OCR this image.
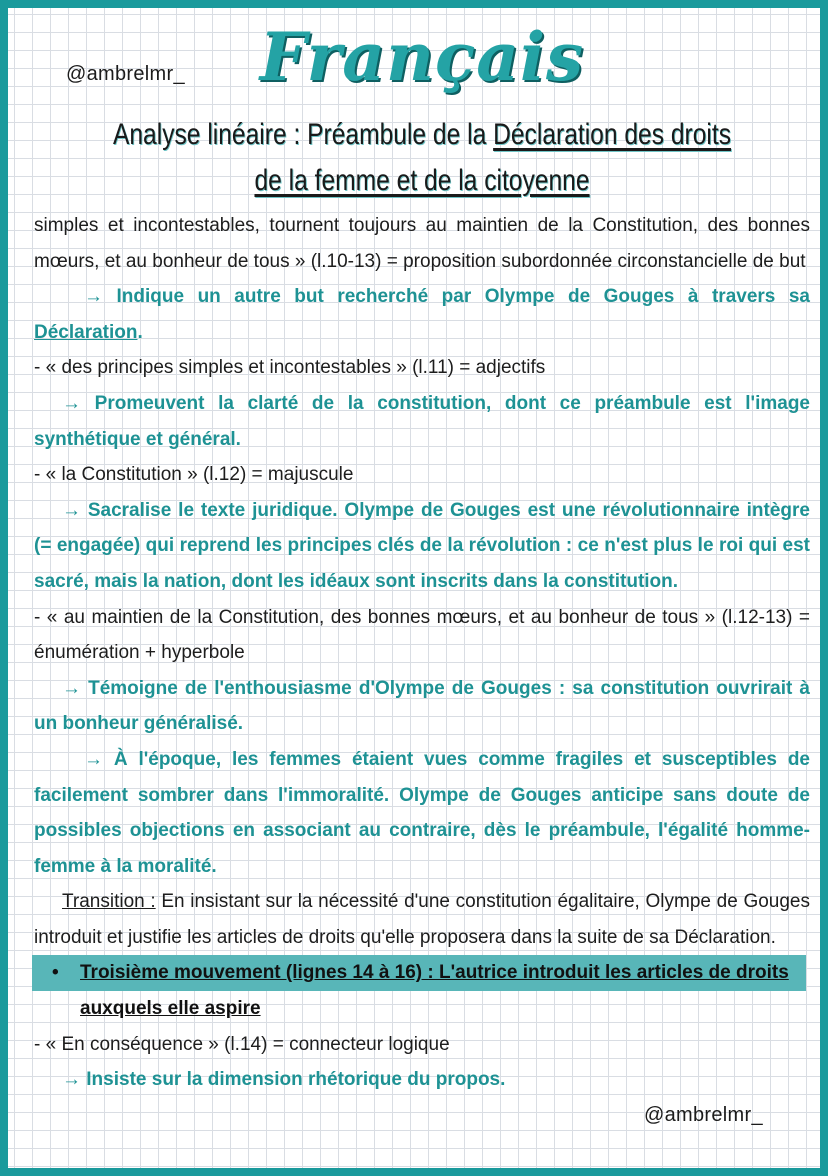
@ambrelmr_	Français
Analyse linéaire : Préambule de la Déclaration des droits de la femme et de la citoyenne

simples et incontestables, tournent toujours au maintien de la Constitution, des bonnes mœurs, et au bonheur de tous » (l.10-13) = proposition subordonnée circonstancielle de but

→ Indique un autre but recherché par Olympe de Gouges à travers sa Déclaration.

- « des principes simples et incontestables » (l.11) = adjectifs

→ Promeuvent la clarté de la constitution, dont ce préambule est l'image synthétique et général.

- « la Constitution » (l.12) = majuscule

→ Sacralise le texte juridique. Olympe de Gouges est une révolutionnaire intègre (= engagée) qui reprend les principes clés de la révolution : ce n'est plus le roi qui est sacré, mais la nation, dont les idéaux sont inscrits dans la constitution.

- « au maintien de la Constitution, des bonnes mœurs, et au bonheur de tous » (l.12-13) = énumération + hyperbole

→ Témoigne de l'enthousiasme d'Olympe de Gouges : sa constitution ouvrirait à un bonheur généralisé.

→ À l'époque, les femmes étaient vues comme fragiles et susceptibles de facilement sombrer dans l'immoralité. Olympe de Gouges anticipe sans doute de possibles objections en associant au contraire, dès le préambule, l'égalité homme-femme à la moralité.

Transition : En insistant sur la nécessité d'une constitution égalitaire, Olympe de Gouges introduit et justifie les articles de droits qu'elle proposera dans la suite de sa Déclaration.

• Troisième mouvement (lignes 14 à 16) : L'autrice introduit les articles de droits
auxquels elle aspire

- « En conséquence » (l.14) = connecteur logique

→ Insiste sur la dimension rhétorique du propos.

@ambrelmr_
